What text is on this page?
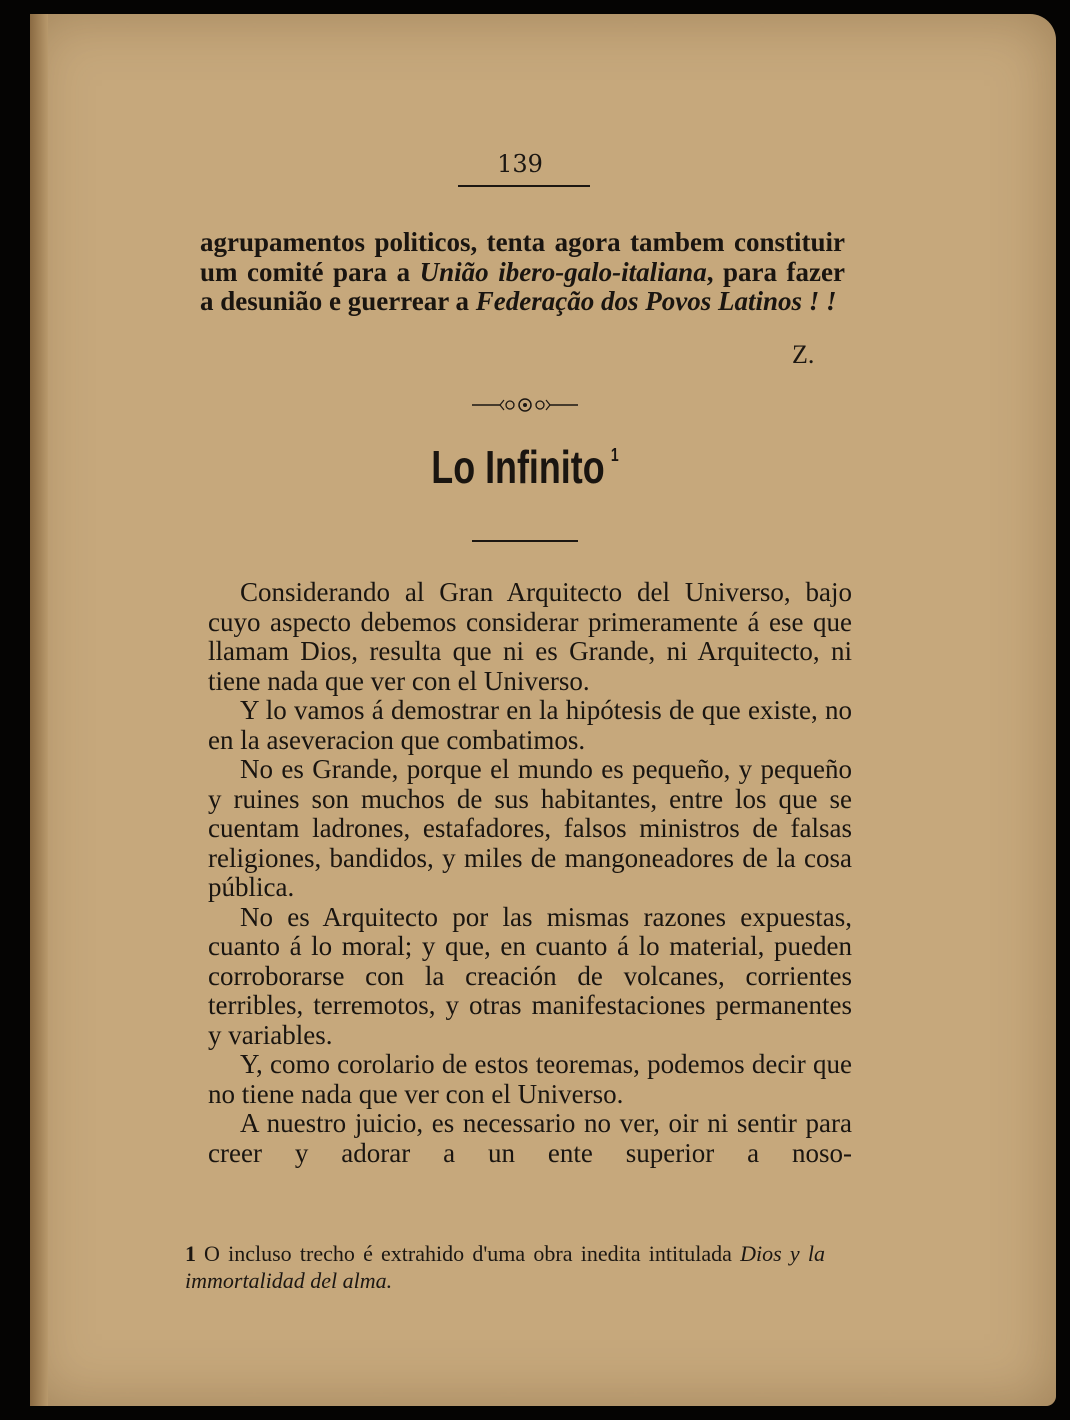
139

agrupamentos politicos, tenta agora tambem constituir um comité para a União ibero-galo-italiana, para fazer a desunião e guerrear a Federação dos Povos Latinos ! !

Z.
Lo Infinito $^1$

Considerando al Gran Arquitecto del Universo, bajo cuyo aspecto debemos considerar primeramente á ese que llamam Dios, resulta que ni es Grande, ni Arquitecto, ni tiene nada que ver con el Universo.

Y lo vamos á demostrar en la hipótesis de que existe, no en la aseveracion que combatimos.

No es Grande, porque el mundo es pequeño, y pequeño y ruines son muchos de sus habitantes, entre los que se cuentam ladrones, estafadores, falsos ministros de falsas religiones, bandidos, y miles de mangoneadores de la cosa pública.

No es Arquitecto por las mismas razones expuestas, cuanto á lo moral; y que, en cuanto á lo material, pueden corroborarse con la creación de volcanes, corrientes terribles, terremotos, y otras manifestaciones permanentes y variables.

Y, como corolario de estos teoremas, podemos decir que no tiene nada que ver con el Universo.

A nuestro juicio, es necessario no ver, oir ni sentir para creer y adorar a un ente superior a noso-

1 O incluso trecho é extrahido d'uma obra inedita intitulada Dios y la immortalidad del alma.
